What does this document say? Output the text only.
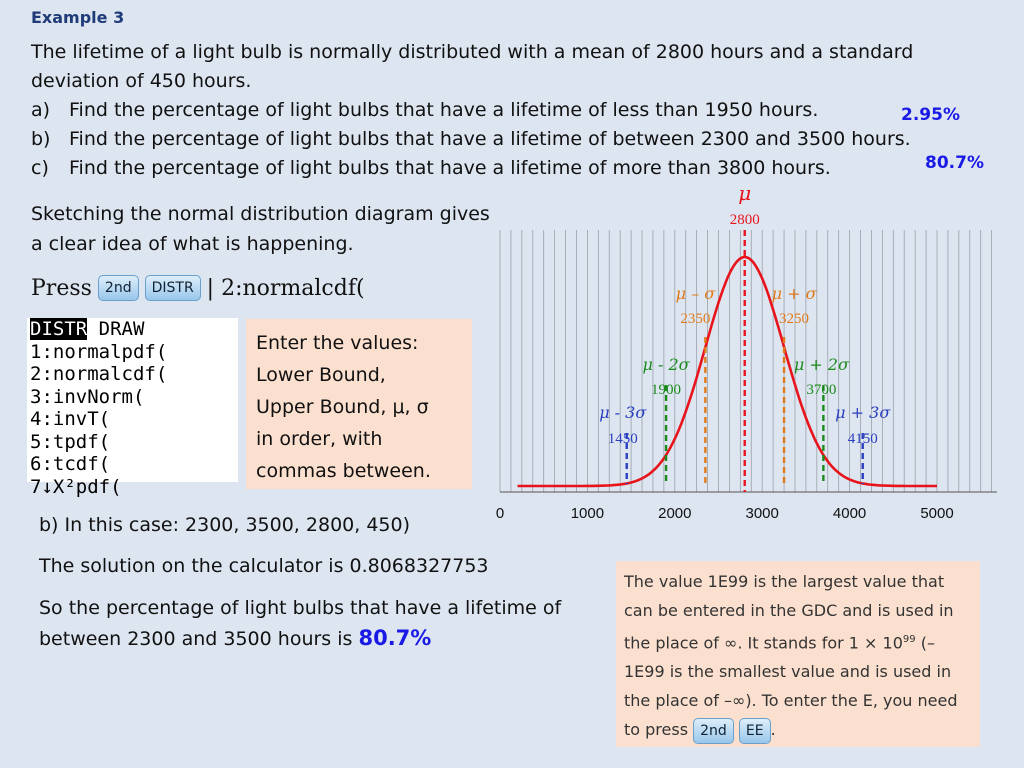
Example 3
The lifetime of a light bulb is normally distributed with a mean of 2800 hours and a standard deviation of 450 hours.
a) Find the percentage of light bulbs that have a lifetime of less than 1950 hours.
b) Find the percentage of light bulbs that have a lifetime of between 2300 and 3500 hours.
c)	Find the percentage of light bulbs that have a lifetime of more than 3800 hours.
2.95%
80.7%
Sketching the normal distribution diagram gives a clear idea of what is happening.
Press 2nd	DISTR | 2:normalcdf(
DISTR DRAW
1:normalpdf(
2:normalcdf(
3:invNorm(
4:invT(
5:tpdf(
6:tcdf(
7↓X²pdf(
Enter the values:
Lower Bound,
Upper Bound, μ, σ
in order, with
commas between.
0	1000	2000	3000	4000	5000
μ
2800
μ – σ
2350
μ + σ
3250
μ - 2σ
1900
μ + 2σ
3700
μ - 3σ
1450
μ + 3σ
4150
b) In this case: 2300, 3500, 2800, 450)
The solution on the calculator is 0.8068327753
So the percentage of light bulbs that have a lifetime of between 2300 and 3500 hours is 80.7%
The value 1E99 is the largest value that can be entered in the GDC and is used in the place of ∞. It stands for $1 \times 10^{99}$ (–1E99 is the smallest value and is used in the place of –∞). To enter the E, you need to press 2nd EE .
